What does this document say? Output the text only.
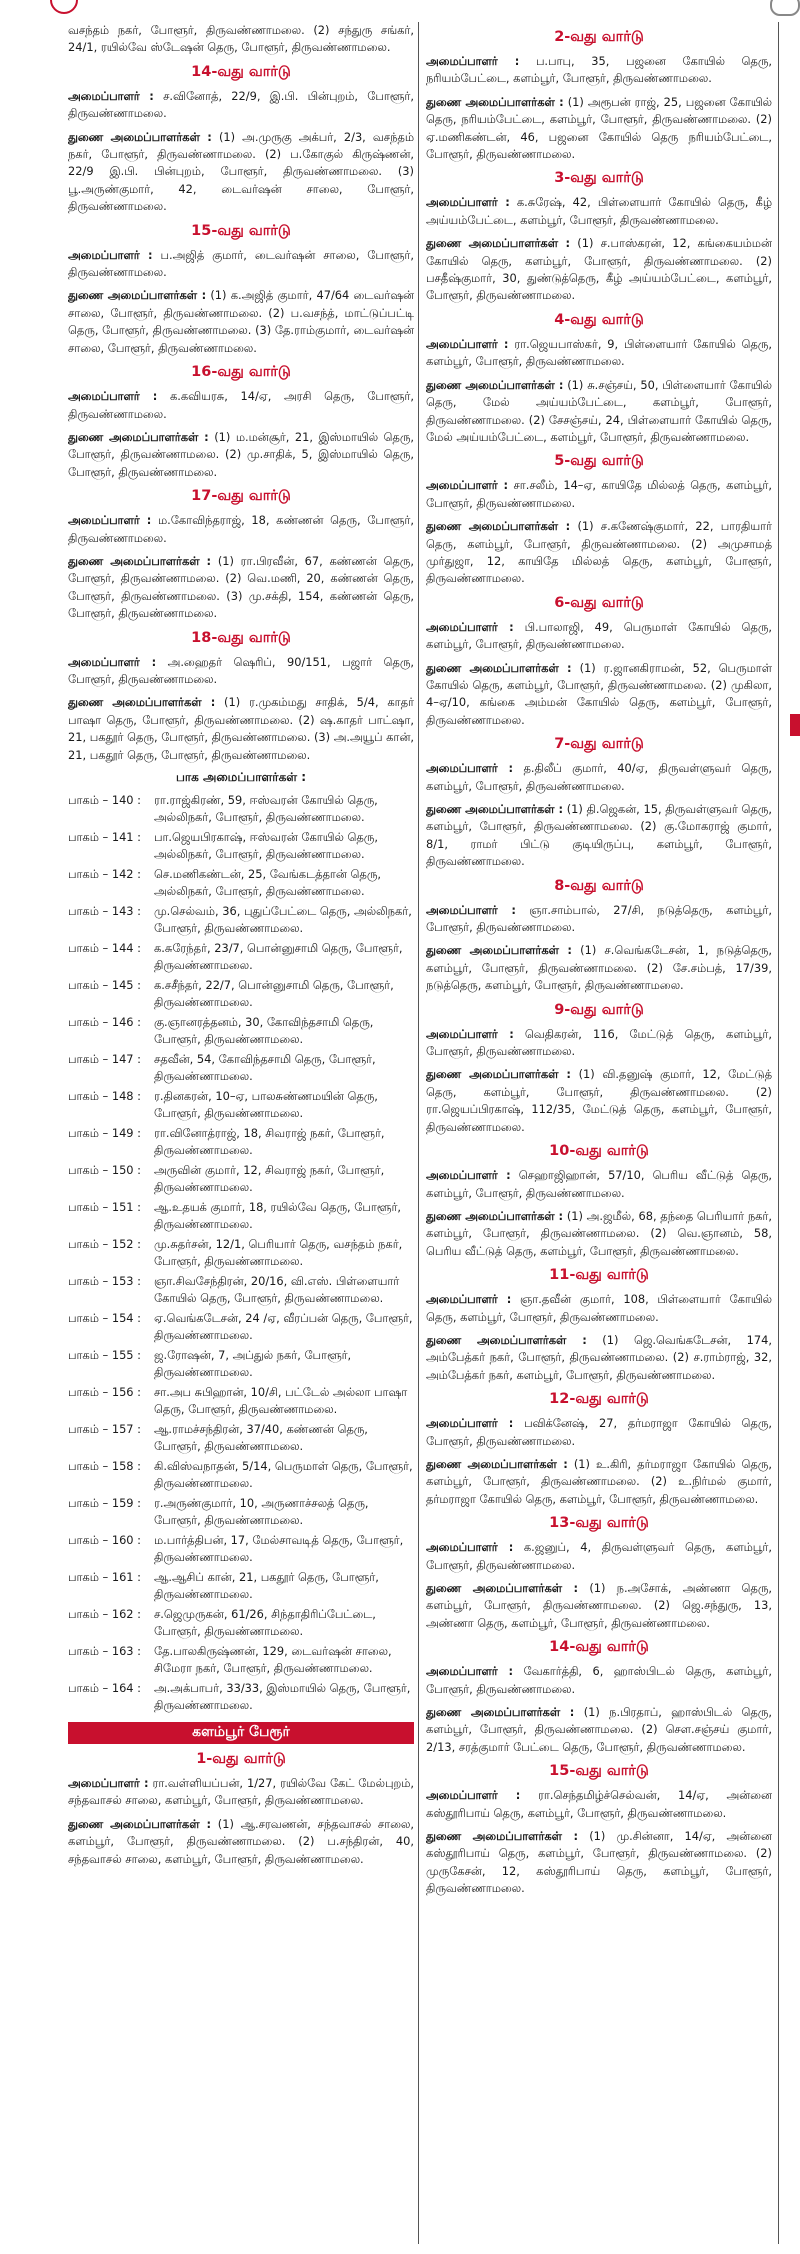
வசந்தம் நகர், போளூர், திருவண்ணாமலை. (2) சந்துரு சங்கர், 24/1, ரயில்வே ஸ்டேஷன் தெரு, போளூர், திருவண்ணாமலை.

14-வது வார்டு

அமைப்பாளர் : ச.வினோத், 22/9, இ.பி. பின்புறம், போளூர், திருவண்ணாமலை.

துணை அமைப்பாளர்கள் : (1) அ.முருகு அக்பர், 2/3, வசந்தம் நகர், போளூர், திருவண்ணாமலை. (2) ப.கோகுல் கிருஷ்ணன், 22/9 இ.பி. பின்புறம், போளூர், திருவண்ணாமலை. (3) பூ.அருண்குமார், 42, டைவர்ஷன் சாலை, போளூர், திருவண்ணாமலை.

15-வது வார்டு

அமைப்பாளர் : ப.அஜித் குமார், டைவர்ஷன் சாலை, போளூர், திருவண்ணாமலை.

துணை அமைப்பாளர்கள் : (1) க.அஜித் குமார், 47/64 டைவர்ஷன் சாலை, போளூர், திருவண்ணாமலை. (2) ப.வசந்த், மாட்டுப்பட்டி தெரு, போளூர், திருவண்ணாமலை. (3) தே.ராம்குமார், டைவர்ஷன் சாலை, போளூர், திருவண்ணாமலை.

16-வது வார்டு

அமைப்பாளர் : க.கவியரசு, 14/ஏ, அரசி தெரு, போளூர், திருவண்ணாமலை.

துணை அமைப்பாளர்கள் : (1) ம.மன்சூர், 21, இஸ்மாயில் தெரு, போளூர், திருவண்ணாமலை. (2) மு.சாதிக், 5, இஸ்மாயில் தெரு, போளூர், திருவண்ணாமலை.

17-வது வார்டு

அமைப்பாளர் : ம.கோவிந்தராஜ், 18, கண்ணன் தெரு, போளூர், திருவண்ணாமலை.

துணை அமைப்பாளர்கள் : (1) ரா.பிரவீன், 67, கண்ணன் தெரு, போளூர், திருவண்ணாமலை. (2) வெ.மணி, 20, கண்ணன் தெரு, போளூர், திருவண்ணாமலை. (3) மு.சக்தி, 154, கண்ணன் தெரு, போளூர், திருவண்ணாமலை.

18-வது வார்டு

அமைப்பாளர் : அ.ஹைதர் ஷெரிப், 90/151, பஜார் தெரு, போளூர், திருவண்ணாமலை.

துணை அமைப்பாளர்கள் : (1) ர.முகம்மது சாதிக், 5/4, காதர் பாஷா தெரு, போளூர், திருவண்ணாமலை. (2) ஷ.காதர் பாட்ஷா, 21, பகதூர் தெரு, போளூர், திருவண்ணாமலை. (3) அ.அயூப் கான், 21, பகதூர் தெரு, போளூர், திருவண்ணாமலை.

பாக அமைப்பாளர்கள் :
பாகம் – 140 :	ரா.ராஜ்கிரண், 59, ஈஸ்வரன் கோயில் தெரு, அல்லிநகர், போளூர், திருவண்ணாமலை.
பாகம் – 141 :	பா.ஜெயபிரகாஷ், ஈஸ்வரன் கோயில் தெரு, அல்லிநகர், போளூர், திருவண்ணாமலை.
பாகம் – 142 :	செ.மணிகண்டன், 25, வேங்கடத்தான் தெரு, அல்லிநகர், போளூர், திருவண்ணாமலை.
பாகம் – 143 :	மு.செல்வம், 36, புதுப்பேட்டை தெரு, அல்லிநகர், போளூர், திருவண்ணாமலை.
பாகம் – 144 :	க.சுரேந்தர், 23/7, பொன்னுசாமி தெரு, போளூர், திருவண்ணாமலை.
பாகம் – 145 :	க.சசீந்தர், 22/7, பொன்னுசாமி தெரு, போளூர், திருவண்ணாமலை.
பாகம் – 146 :	கு.ஞானரத்தனம், 30, கோவிந்தசாமி தெரு, போளூர், திருவண்ணாமலை.
பாகம் – 147 :	சதவீன், 54, கோவிந்தசாமி தெரு, போளூர், திருவண்ணாமலை.
பாகம் – 148 :	ர.தினகரன், 10–ஏ, பாலசுண்ணமயின் தெரு, போளூர், திருவண்ணாமலை.
பாகம் – 149 :	ரா.வினோத்ராஜ், 18, சிவராஜ் நகர், போளூர், திருவண்ணாமலை.
பாகம் – 150 :	அருவின் குமார், 12, சிவராஜ் நகர், போளூர், திருவண்ணாமலை.
பாகம் – 151 :	ஆ.உதயக் குமார், 18, ரயில்வே தெரு, போளூர், திருவண்ணாமலை.
பாகம் – 152 :	மு.சுதர்சன், 12/1, பெரியார் தெரு, வசந்தம் நகர், போளூர், திருவண்ணாமலை.
பாகம் – 153 :	ஞா.சிவசேந்திரன், 20/16, வி.எஸ். பிள்ளையார் கோயில் தெரு, போளூர், திருவண்ணாமலை.
பாகம் – 154 :	ஏ.வெங்கடேசன், 24 /ஏ, வீரப்பன் தெரு, போளூர், திருவண்ணாமலை.
பாகம் – 155 :	ஜ.ரோஷன், 7, அப்துல் நகர், போளூர், திருவண்ணாமலை.
பாகம் – 156 :	சா.அப சுபிஹான், 10/சி, பட்டேல் அல்லா பாஷா தெரு, போளூர், திருவண்ணாமலை.
பாகம் – 157 :	ஆ.ராமச்சந்திரன், 37/40, கண்ணன் தெரு, போளூர், திருவண்ணாமலை.
பாகம் – 158 :	கி.விஸ்வநாதன், 5/14, பெருமாள் தெரு, போளூர், திருவண்ணாமலை.
பாகம் – 159 :	ர.அருண்குமார், 10, அருணாச்சலத் தெரு, போளூர், திருவண்ணாமலை.
பாகம் – 160 :	ம.பார்த்திபன், 17, மேல்சாவடித் தெரு, போளூர், திருவண்ணாமலை.
பாகம் – 161 :	ஆ.ஆசிப் கான், 21, பகதூர் தெரு, போளூர், திருவண்ணாமலை.
பாகம் – 162 :	ச.ஜெமுருகன், 61/26, சிந்தாதிரிப்பேட்டை, போளூர், திருவண்ணாமலை.
பாகம் – 163 :	தே.பாலகிருஷ்ணன், 129, டைவர்ஷன் சாலை, சிமேரா நகர், போளூர், திருவண்ணாமலை.
பாகம் – 164 :	அ.அக்பாபர், 33/33, இஸ்மாயில் தெரு, போளூர், திருவண்ணாமலை.
களம்பூர் பேரூர்
1-வது வார்டு

அமைப்பாளர் : ரா.வள்ளியப்பன், 1/27, ரயில்வே கேட் மேல்புறம், சந்தவாசல் சாலை, களம்பூர், போளூர், திருவண்ணாமலை.

துணை அமைப்பாளர்கள் : (1) ஆ.சரவணன், சந்தவாசல் சாலை, களம்பூர், போளூர், திருவண்ணாமலை. (2) ப.சந்திரன், 40, சந்தவாசல் சாலை, களம்பூர், போளூர், திருவண்ணாமலை.

2-வது வார்டு

அமைப்பாளர் : ப.பாபு, 35, பஜனை கோயில் தெரு, நரியம்பேட்டை, களம்பூர், போளூர், திருவண்ணாமலை.

துணை அமைப்பாளர்கள் : (1) அரூபன் ராஜ், 25, பஜனை கோயில் தெரு, நரியம்பேட்டை, களம்பூர், போளூர், திருவண்ணாமலை. (2) ஏ.மணிகண்டன், 46, பஜனை கோயில் தெரு நரியம்பேட்டை, போளூர், திருவண்ணாமலை.

3-வது வார்டு

அமைப்பாளர் : க.சுரேஷ், 42, பிள்ளையார் கோயில் தெரு, கீழ் அய்யம்பேட்டை, களம்பூர், போளூர், திருவண்ணாமலை.

துணை அமைப்பாளர்கள் : (1) ச.பாஸ்கரன், 12, கங்கையம்மன் கோயில் தெரு, களம்பூர், போளூர், திருவண்ணாமலை. (2) பசதீஷ்குமார், 30, துண்டுத்தெரு, கீழ் அய்யம்பேட்டை, களம்பூர், போளூர், திருவண்ணாமலை.

4-வது வார்டு

அமைப்பாளர் : ரா.ஜெயபாஸ்கர், 9, பிள்ளையார் கோயில் தெரு, களம்பூர், போளூர், திருவண்ணாமலை.

துணை அமைப்பாளர்கள் : (1) சு.சஞ்சய், 50, பிள்ளையார் கோயில் தெரு, மேல் அய்யம்பேட்டை, களம்பூர், போளூர், திருவண்ணாமலை. (2) சேசஞ்சய், 24, பிள்ளையார் கோயில் தெரு, மேல் அய்யம்பேட்டை, களம்பூர், போளூர், திருவண்ணாமலை.

5-வது வார்டு

அமைப்பாளர் : சா.சலீம், 14–ஏ, காயிதே மில்லத் தெரு, களம்பூர், போளூர், திருவண்ணாமலை.

துணை அமைப்பாளர்கள் : (1) ச.கணேஷ்குமார், 22, பாரதியார் தெரு, களம்பூர், போளூர், திருவண்ணாமலை. (2) அமுசாமத் முர்துஜா, 12, காயிதே மில்லத் தெரு, களம்பூர், போளூர், திருவண்ணாமலை.

6-வது வார்டு

அமைப்பாளர் : பி.பாலாஜி, 49, பெருமாள் கோயில் தெரு, களம்பூர், போளூர், திருவண்ணாமலை.

துணை அமைப்பாளர்கள் : (1) ர.ஜானகிராமன், 52, பெருமாள் கோயில் தெரு, களம்பூர், போளூர், திருவண்ணாமலை. (2) முகிலா, 4–ஏ/10, கங்கை அம்மன் கோயில் தெரு, களம்பூர், போளூர், திருவண்ணாமலை.

7-வது வார்டு

அமைப்பாளர் : த.திலீப் குமார், 40/ஏ, திருவள்ளுவர் தெரு, களம்பூர், போளூர், திருவண்ணாமலை.

துணை அமைப்பாளர்கள் : (1) தி.ஜெகன், 15, திருவள்ளுவர் தெரு, களம்பூர், போளூர், திருவண்ணாமலை. (2) கு.மோகராஜ் குமார், 8/1, ராமர் பிட்டு குடியிருப்பு, களம்பூர், போளூர், திருவண்ணாமலை.

8-வது வார்டு

அமைப்பாளர் : ஞா.சாம்பால், 27/சி, நடுத்தெரு, களம்பூர், போளூர், திருவண்ணாமலை.

துணை அமைப்பாளர்கள் : (1) ச.வெங்கடேசன், 1, நடுத்தெரு, களம்பூர், போளூர், திருவண்ணாமலை. (2) சே.சம்பத், 17/39, நடுத்தெரு, களம்பூர், போளூர், திருவண்ணாமலை.

9-வது வார்டு

அமைப்பாளர் : வெதிகரன், 116, மேட்டுத் தெரு, களம்பூர், போளூர், திருவண்ணாமலை.

துணை அமைப்பாளர்கள் : (1) வி.தனுஷ் குமார், 12, மேட்டுத் தெரு, களம்பூர், போளூர், திருவண்ணாமலை. (2) ரா.ஜெயப்பிரகாஷ், 112/35, மேட்டுத் தெரு, களம்பூர், போளூர், திருவண்ணாமலை.

10-வது வார்டு

அமைப்பாளர் : செஹாஜிஹான், 57/10, பெரிய வீட்டுத் தெரு, களம்பூர், போளூர், திருவண்ணாமலை.

துணை அமைப்பாளர்கள் : (1) அ.ஜமீல், 68, தந்தை பெரியார் நகர், களம்பூர், போளூர், திருவண்ணாமலை. (2) வெ.ஞானம், 58, பெரிய வீட்டுத் தெரு, களம்பூர், போளூர், திருவண்ணாமலை.

11-வது வார்டு

அமைப்பாளர் : ஞா.தவீன் குமார், 108, பிள்ளையார் கோயில் தெரு, களம்பூர், போளூர், திருவண்ணாமலை.

துணை அமைப்பாளர்கள் : (1) ஜெ.வெங்கடேசன், 174, அம்பேத்கர் நகர், போளூர், திருவண்ணாமலை. (2) ச.ராம்ராஜ், 32, அம்பேத்கர் நகர், களம்பூர், போளூர், திருவண்ணாமலை.

12-வது வார்டு

அமைப்பாளர் : பவிக்னேஷ், 27, தர்மராஜா கோயில் தெரு, போளூர், திருவண்ணாமலை.

துணை அமைப்பாளர்கள் : (1) உ.கிரி, தர்மராஜா கோயில் தெரு, களம்பூர், போளூர், திருவண்ணாமலை. (2) உ.நிர்மல் குமார், தர்மராஜா கோயில் தெரு, களம்பூர், போளூர், திருவண்ணாமலை.

13-வது வார்டு

அமைப்பாளர் : க.ஜனுப், 4, திருவள்ளுவர் தெரு, களம்பூர், போளூர், திருவண்ணாமலை.

துணை அமைப்பாளர்கள் : (1) ந.அசோக், அண்ணா தெரு, களம்பூர், போளூர், திருவண்ணாமலை. (2) ஜெ.சந்துரு, 13, அண்ணா தெரு, களம்பூர், போளூர், திருவண்ணாமலை.

14-வது வார்டு

அமைப்பாளர் : வேகார்த்தி, 6, ஹாஸ்பிடல் தெரு, களம்பூர், போளூர், திருவண்ணாமலை.

துணை அமைப்பாளர்கள் : (1) ந.பிரதாப், ஹாஸ்பிடல் தெரு, களம்பூர், போளூர், திருவண்ணாமலை. (2) சௌ.சஞ்சய் குமார், 2/13, சரத்குமார் பேட்டை தெரு, போளூர், திருவண்ணாமலை.

15-வது வார்டு

அமைப்பாளர் : ரா.செந்தமிழ்ச்செல்வன், 14/ஏ, அன்னை கஸ்தூரிபாய் தெரு, களம்பூர், போளூர், திருவண்ணாமலை.

துணை அமைப்பாளர்கள் : (1) மு.சின்னா, 14/ஏ, அன்னை கஸ்தூரிபாய் தெரு, களம்பூர், போளூர், திருவண்ணாமலை. (2) முருகேசன், 12, கஸ்தூரிபாய் தெரு, களம்பூர், போளூர், திருவண்ணாமலை.
